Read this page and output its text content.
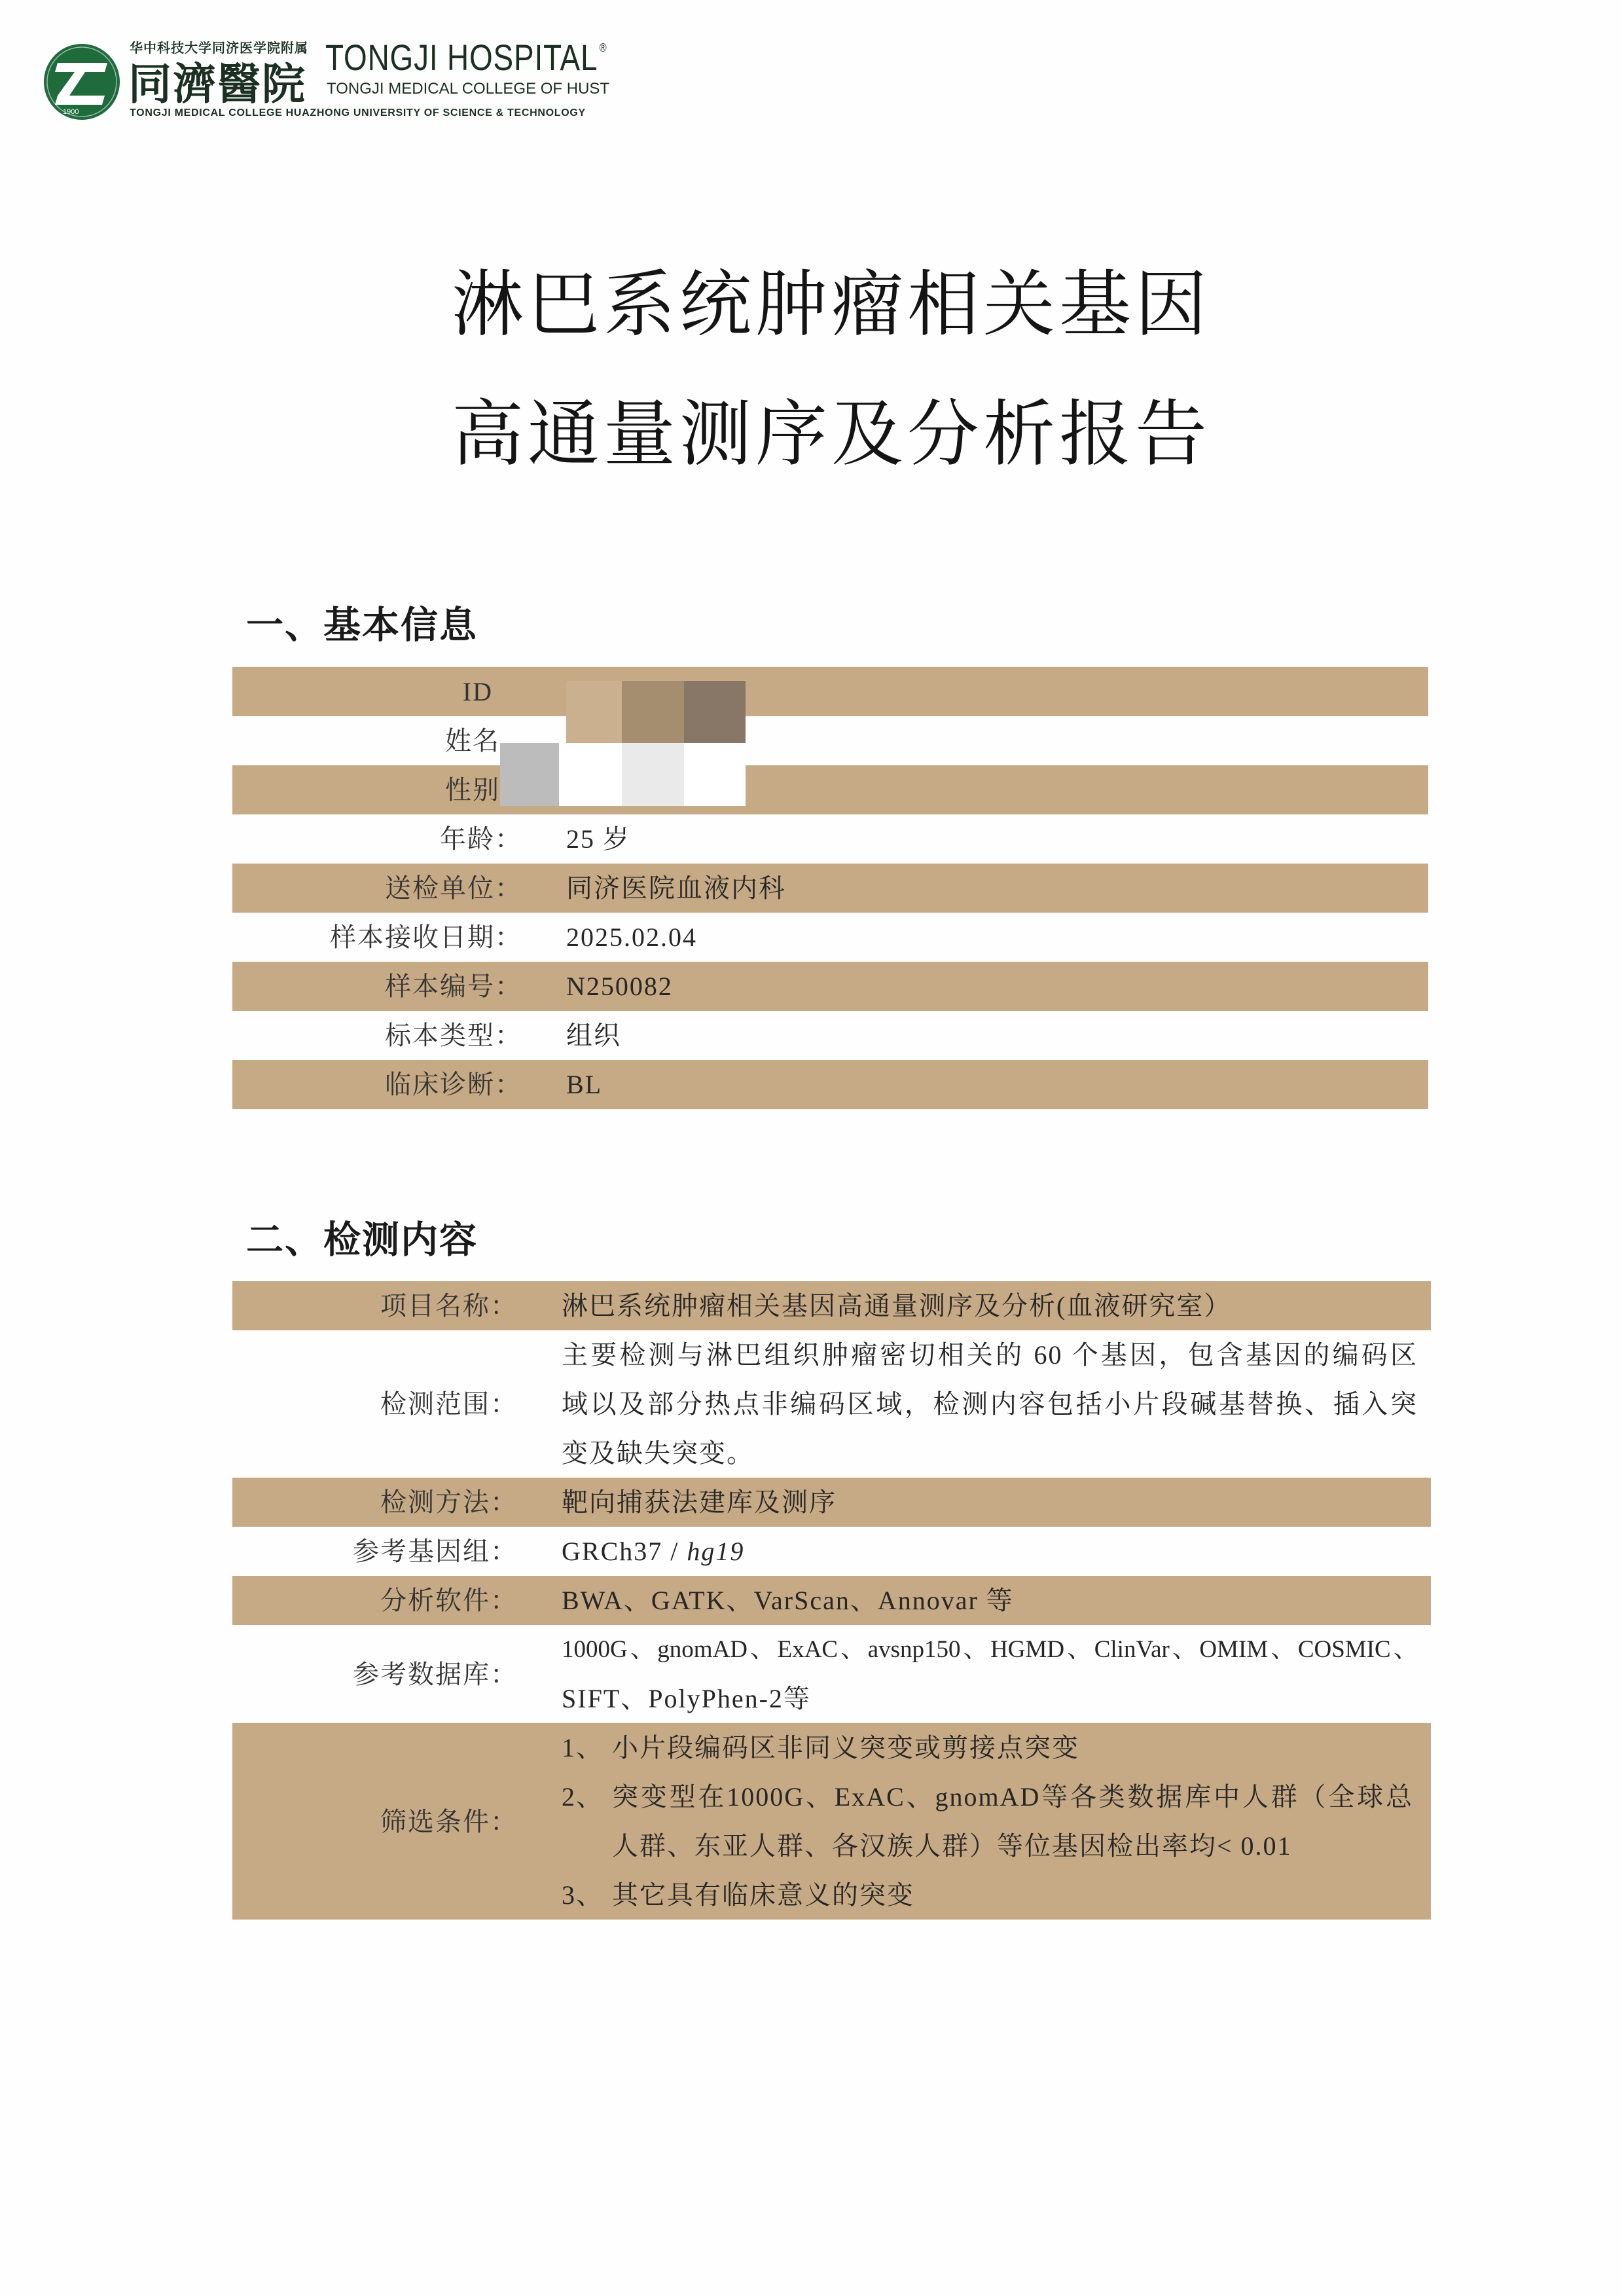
1900
华中科技大学同济医学院附属
同濟醫院
TONGJI HOSPITAL ®
TONGJI MEDICAL COLLEGE OF HUST
TONGJI MEDICAL COLLEGE HUAZHONG UNIVERSITY OF SCIENCE & TECHNOLOGY
淋巴系统肿瘤相关基因
高通量测序及分析报告
一、基本信息
ID
姓名
性别
年龄： 25 岁
送检单位： 同济医院血液内科
样本接收日期： 2025.02.04
样本编号： N250082
标本类型： 组织
临床诊断： BL
二、检测内容
项目名称： 淋巴系统肿瘤相关基因高通量测序及分析(血液研究室）
检测范围：
主要检测与淋巴组织肿瘤密切相关的 60 个基因，包含基因的编码区
域以及部分热点非编码区域，检测内容包括小片段碱基替换、插入突
变及缺失突变。
检测方法： 靶向捕获法建库及测序
参考基因组： GRCh37 / hg19
分析软件： BWA、GATK、VarScan、Annovar 等
参考数据库：
1000G、gnomAD、ExAC、avsnp150、HGMD、ClinVar、OMIM、COSMIC、
SIFT、PolyPhen-2等
筛选条件：
1、 小片段编码区非同义突变或剪接点突变
2、 突变型在1000G、ExAC、gnomAD等各类数据库中人群（全球总
人群、东亚人群、各汉族人群）等位基因检出率均< 0.01
3、 其它具有临床意义的突变
